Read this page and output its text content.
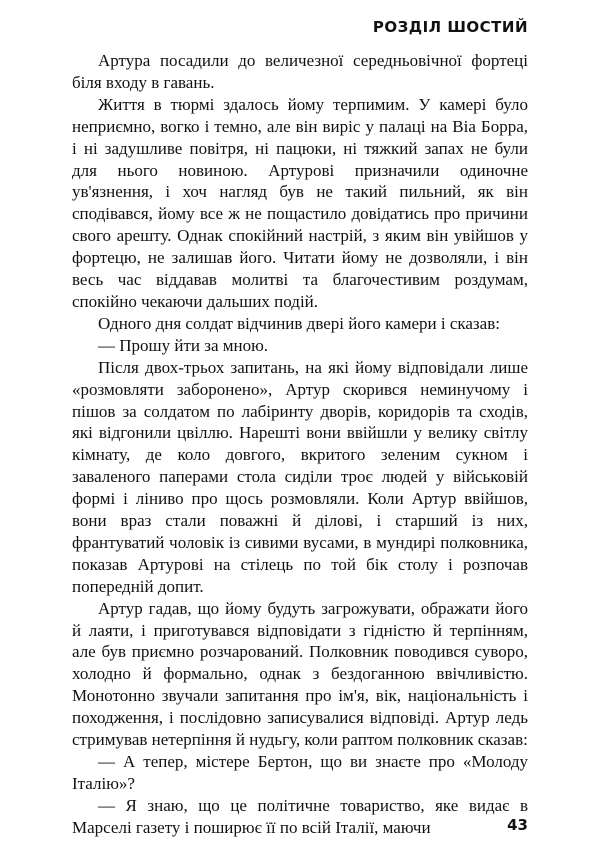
РОЗДІЛ ШОСТИЙ

Артура посадили до величезної середньовічної фортеці біля входу в гавань.

Життя в тюрмі здалось йому терпимим. У камері було неприємно, вогко і темно, але він виріс у палаці на Віа Борра, і ні задушливе повітря, ні пацюки, ні тяжкий запах не були для нього новиною. Артурові призначили одиночне ув'язнення, і хоч нагляд був не такий пильний, як він сподівався, йому все ж не пощастило довідатись про причини свого арешту. Однак спокійний настрій, з яким він увійшов у фортецю, не залишав його. Читати йому не дозволяли, і він весь час віддавав молитві та благочестивим роздумам, спокійно чекаючи дальших подій.

Одного дня солдат відчинив двері його камери і сказав:

— Прошу йти за мною.

Після двох-трьох запитань, на які йому відповідали лише «розмовляти заборонено», Артур скорився неминучому і пішов за солдатом по лабіринту дворів, коридорів та сходів, які відгонили цвіллю. Нарешті вони ввійшли у велику світлу кімнату, де коло довгого, вкритого зеленим сукном і заваленого паперами стола сиділи троє людей у військовій формі і ліниво про щось розмовляли. Коли Артур ввійшов, вони враз стали поважні й ділові, і старший із них, франтуватий чоловік із сивими вусами, в мундирі полковника, показав Артурові на стілець по той бік столу і розпочав попередній допит.

Артур гадав, що йому будуть загрожувати, ображати його й лаяти, і приготувався відповідати з гідністю й терпінням, але був приємно розчарований. Полковник поводився суворо, холодно й формально, однак з бездоганною ввічливістю. Монотонно звучали запитання про ім'я, вік, національність і походження, і послідовно записувалися відповіді. Артур ледь стримував нетерпіння й нудьгу, коли раптом полковник сказав:

— А тепер, містере Бертон, що ви знаєте про «Молоду Італію»?

— Я знаю, що це політичне товариство, яке видає в Марселі газету і поширює її по всій Італії, маючи	43
